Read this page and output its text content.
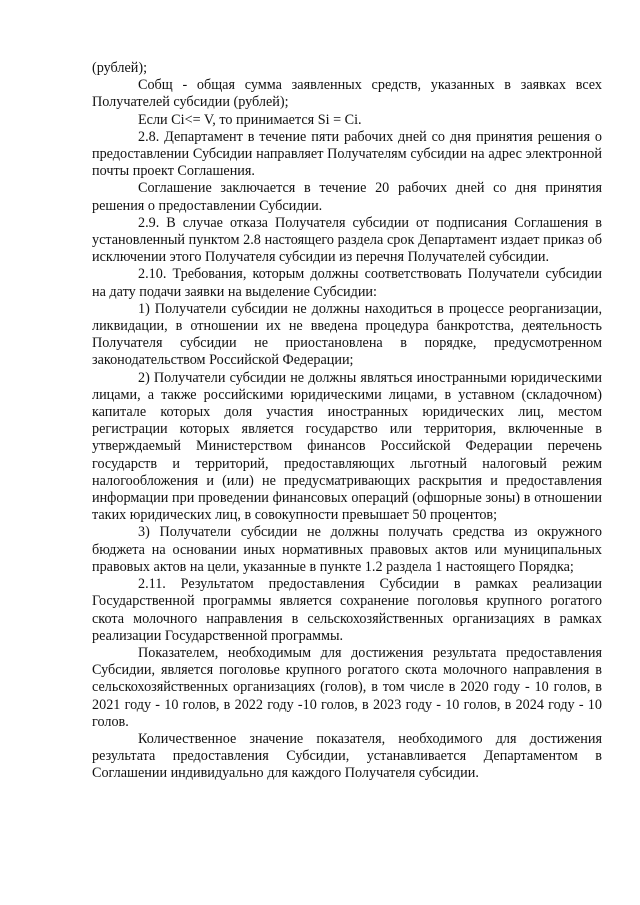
(рублей);

Cобщ - общая сумма заявленных средств, указанных в заявках всех Получателей субсидии (рублей);

Если Ci<= V, то принимается Si = Ci.

2.8. Департамент в течение пяти рабочих дней со дня принятия решения о предоставлении Субсидии направляет Получателям субсидии на адрес электронной почты проект Соглашения.

Соглашение заключается в течение 20 рабочих дней со дня принятия решения о предоставлении Субсидии.

2.9. В случае отказа Получателя субсидии от подписания Соглашения в установленный пунктом 2.8 настоящего раздела срок Департамент издает приказ об исключении этого Получателя субсидии из перечня Получателей субсидии.

2.10. Требования, которым должны соответствовать Получатели субсидии на дату подачи заявки на выделение Субсидии:

1) Получатели субсидии не должны находиться в процессе реорганизации, ликвидации, в отношении их не введена процедура банкротства, деятельность Получателя субсидии не приостановлена в порядке, предусмотренном законодательством Российской Федерации;

2) Получатели субсидии не должны являться иностранными юридическими лицами, а также российскими юридическими лицами, в уставном (складочном) капитале которых доля участия иностранных юридических лиц, местом регистрации которых является государство или территория, включенные в утверждаемый Министерством финансов Российской Федерации перечень государств и территорий, предоставляющих льготный налоговый режим налогообложения и (или) не предусматривающих раскрытия и предоставления информации при проведении финансовых операций (офшорные зоны) в отношении таких юридических лиц, в совокупности превышает 50 процентов;

3) Получатели субсидии не должны получать средства из окружного бюджета на основании иных нормативных правовых актов или муниципальных правовых актов на цели, указанные в пункте 1.2 раздела 1 настоящего Порядка;

2.11. Результатом предоставления Субсидии в рамках реализации Государственной программы является сохранение поголовья крупного рогатого скота молочного направления в сельскохозяйственных организациях в рамках реализации Государственной программы.

Показателем, необходимым для достижения результата предоставления Субсидии, является поголовье крупного рогатого скота молочного направления в сельскохозяйственных организациях (голов), в том числе в 2020 году - 10 голов, в 2021 году - 10 голов, в 2022 году -10 голов, в 2023 году - 10 голов, в 2024 году - 10 голов.

Количественное значение показателя, необходимого для достижения результата предоставления Субсидии, устанавливается Департаментом в Соглашении индивидуально для каждого Получателя субсидии.
